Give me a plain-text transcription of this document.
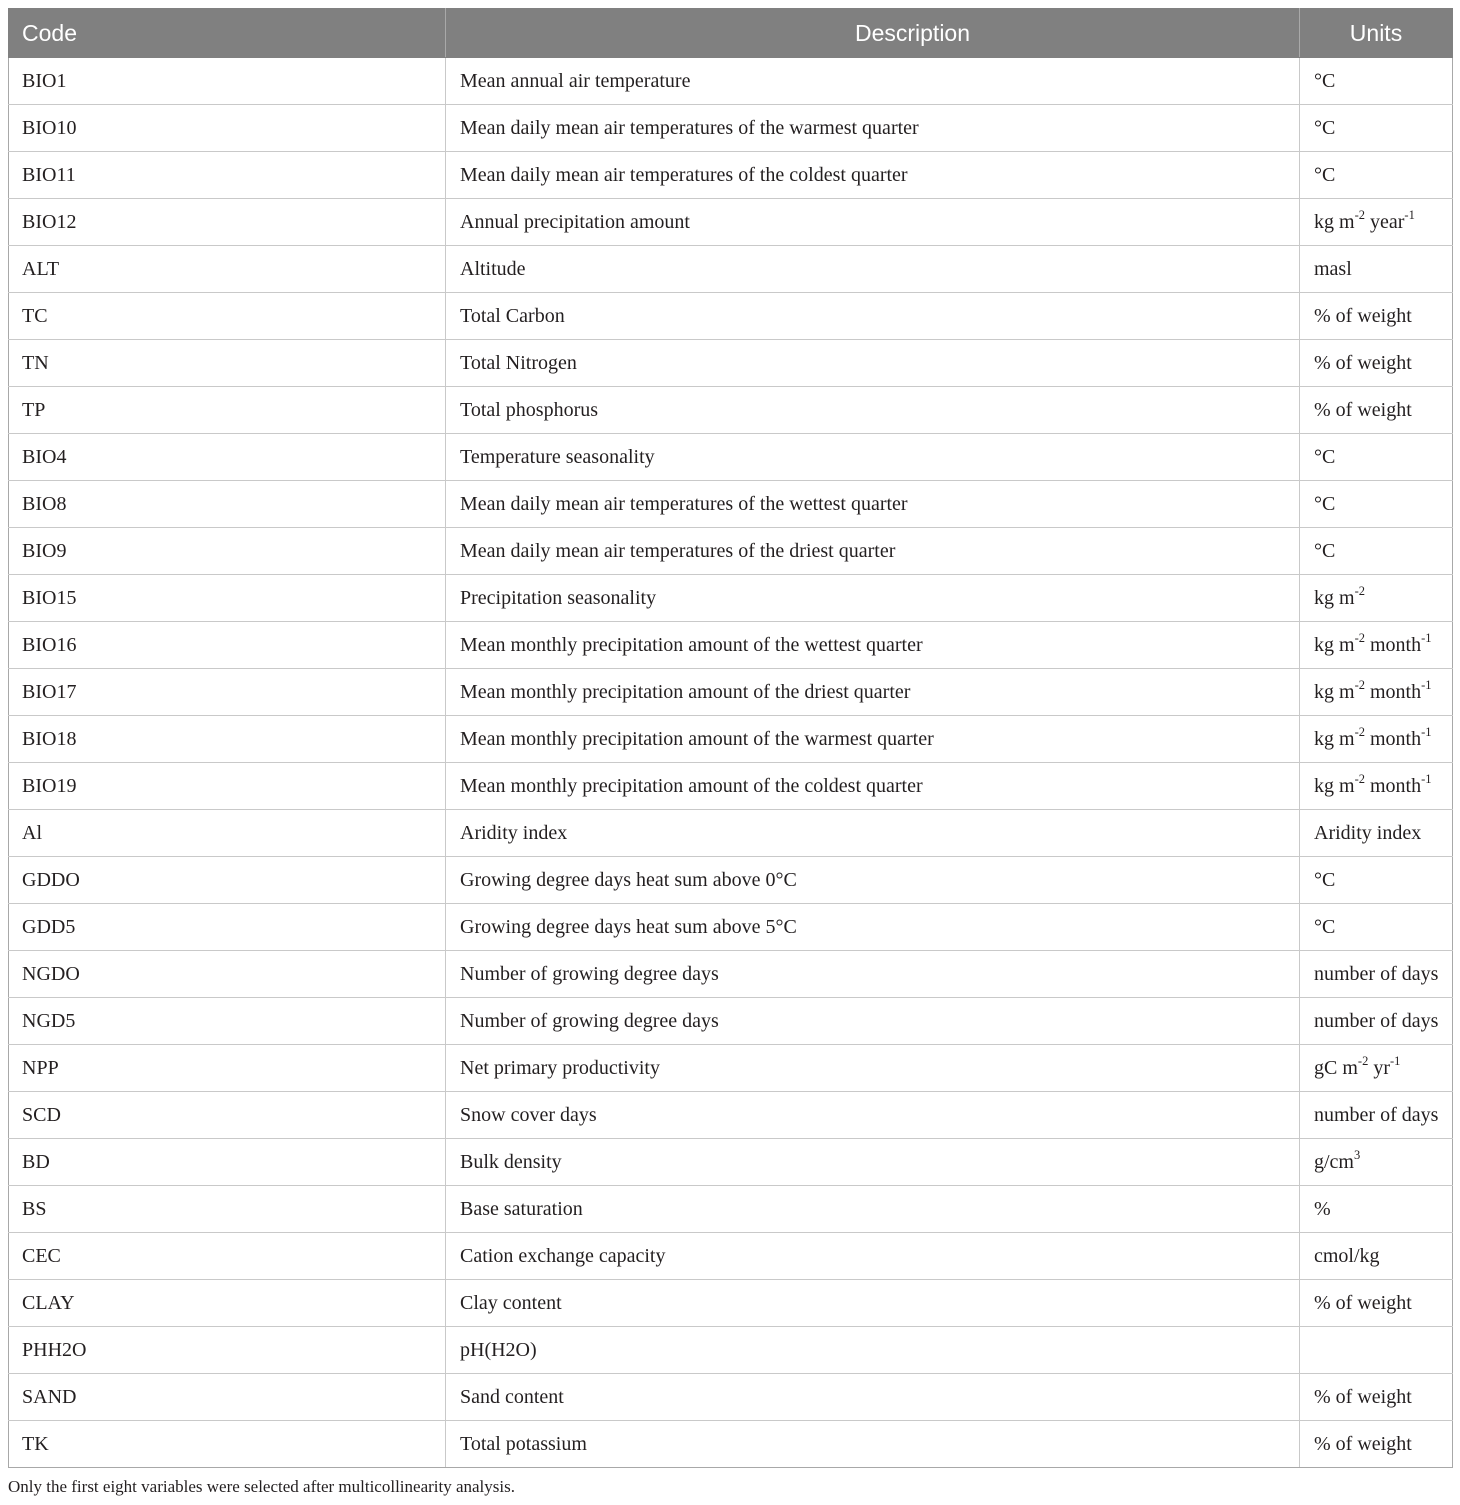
Code	Description	Units
BIO1	Mean annual air temperature	°C
BIO10	Mean daily mean air temperatures of the warmest quarter	°C
BIO11	Mean daily mean air temperatures of the coldest quarter	°C
BIO12	Annual precipitation amount	kg $m^{-2}$ year$^{-1}$
ALT	Altitude	masl
TC	Total Carbon	% of weight
TN	Total Nitrogen	% of weight
TP	Total phosphorus	% of weight
BIO4	Temperature seasonality	°C
BIO8	Mean daily mean air temperatures of the wettest quarter	°C
BIO9	Mean daily mean air temperatures of the driest quarter	°C
BIO15	Precipitation seasonality	kg $m^{-2}$
BIO16	Mean monthly precipitation amount of the wettest quarter	kg $m^{-2}$ month$^{-1}$
BIO17	Mean monthly precipitation amount of the driest quarter	kg $m^{-2}$ month$^{-1}$
BIO18	Mean monthly precipitation amount of the warmest quarter	kg $m^{-2}$ month$^{-1}$
BIO19	Mean monthly precipitation amount of the coldest quarter	kg $m^{-2}$ month$^{-1}$
Al	Aridity index	Aridity index
GDDO	Growing degree days heat sum above 0°C	°C
GDD5	Growing degree days heat sum above 5°C	°C
NGDO	Number of growing degree days	number of days
NGD5	Number of growing degree days	number of days
NPP	Net primary productivity	gC $m^{-2}$ $yr^{-1}$
SCD	Snow cover days	number of days
BD	Bulk density	$g/cm^3$
BS	Base saturation	%
CEC	Cation exchange capacity	cmol/kg
CLAY	Clay content	% of weight
PHH2O	pH(H2O)	
SAND	Sand content	% of weight
TK	Total potassium	% of weight

Only the first eight variables were selected after multicollinearity analysis.
